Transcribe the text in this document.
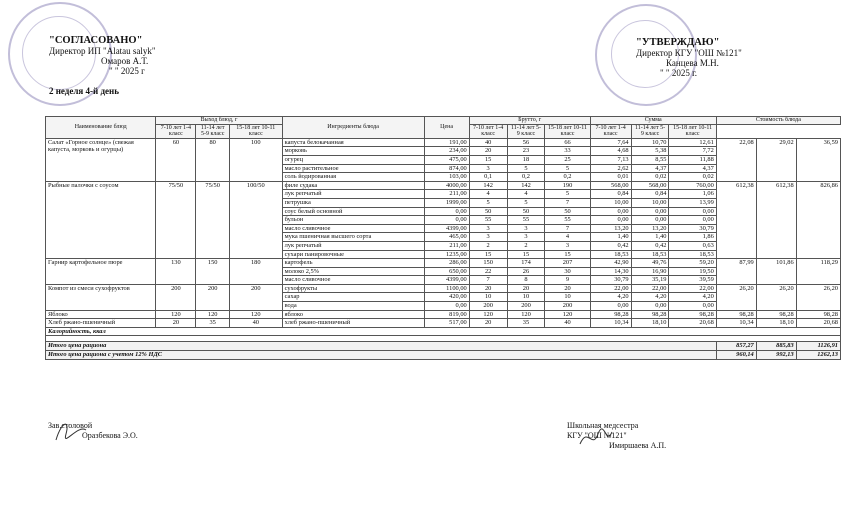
"СОГЛАСОВАНО"
Директор ИП "Alatau salyk"
Омаров А.Т.
" " 2025 г
2 неделя 4-й день
"УТВЕРЖДАЮ"
Директор КГУ "ОШ №121"
Канцева М.Н.
" " 2025 г.
Наименование блюд	Выход блюд, г			Ингредиенты блюда	Цена	Брутто, г			Сумма			Стоимость блюда		
	7-10 лет 1-4 класс	11-14 лет 5-9 класс	15-18 лет 10-11 класс			7-10 лет 1-4 класс	11-14 лет 5-9 класс	15-18 лет 10-11 класс	7-10 лет 1-4 класс	11-14 лет 5-9 класс	15-18 лет 10-11 класс			
Салат «Горное солнце» (свежая капуста, морковь и огурцы)	60	80	100	капуста белокачанная	191,00	40	56	66	7,64	10,70	12,61	22,08	29,02	36,59
				морковь	234,00	20	23	33	4,68	5,38	7,72			
				огурец	475,00	15	18	25	7,13	8,55	11,88			
				масло растительное	874,00	3	5	5	2,62	4,37	4,37			
				соль йодированная	103,00	0,1	0,2	0,2	0,01	0,02	0,02			
Рыбные палочки с соусом	75/50	75/50	100/50	филе судака	4000,00	142	142	190	568,00	568,00	760,00	612,38	612,38	826,86
				лук репчатый	211,00	4	4	5	0,84	0,84	1,06			
				петрушка	1999,00	5	5	7	10,00	10,00	13,99			
				соус белый основной	0,00	50	50	50	0,00	0,00	0,00			
				бульон	0,00	55	55	55	0,00	0,00	0,00			
				масло сливочное	4399,00	3	3	7	13,20	13,20	30,79			
				мука пшеничная высшего сорта	465,00	3	3	4	1,40	1,40	1,86			
				лук репчатый	211,00	2	2	3	0,42	0,42	0,63			
				сухари панировочные	1235,00	15	15	15	18,53	18,53	18,53			
Гарнир картофельное пюре	130	150	180	картофель	286,00	150	174	207	42,90	49,76	59,20	87,99	101,86	118,29
				молоко 2,5%	650,00	22	26	30	14,30	16,90	19,50			
				масло сливочное	4399,00	7	8	9	30,79	35,19	39,59			
Компот из смеси сухофруктов	200	200	200	сухофрукты	1100,00	20	20	20	22,00	22,00	22,00	26,20	26,20	26,20
				сахар	420,00	10	10	10	4,20	4,20	4,20			
				вода	0,00	200	200	200	0,00	0,00	0,00			
Яблоко	120	120	120	яблоко	819,00	120	120	120	98,28	98,28	98,28	98,28	98,28	98,28
Хлеб ржано-пшеничный	20	35	40	хлеб ржано-пшеничный	517,00	20	35	40	10,34	18,10	20,68	10,34	18,10	20,68
Калорийность, ккал														

Итого цена рациона												857,27	885,83	1126,91
Итого цена рациона с учетом 12% НДС												960,14	992,13	1262,13
Зав.столовой
Оразбекова Э.О.
Школьная медсестра
КГУ "ОШ №121"
Имиршаева А.П.
